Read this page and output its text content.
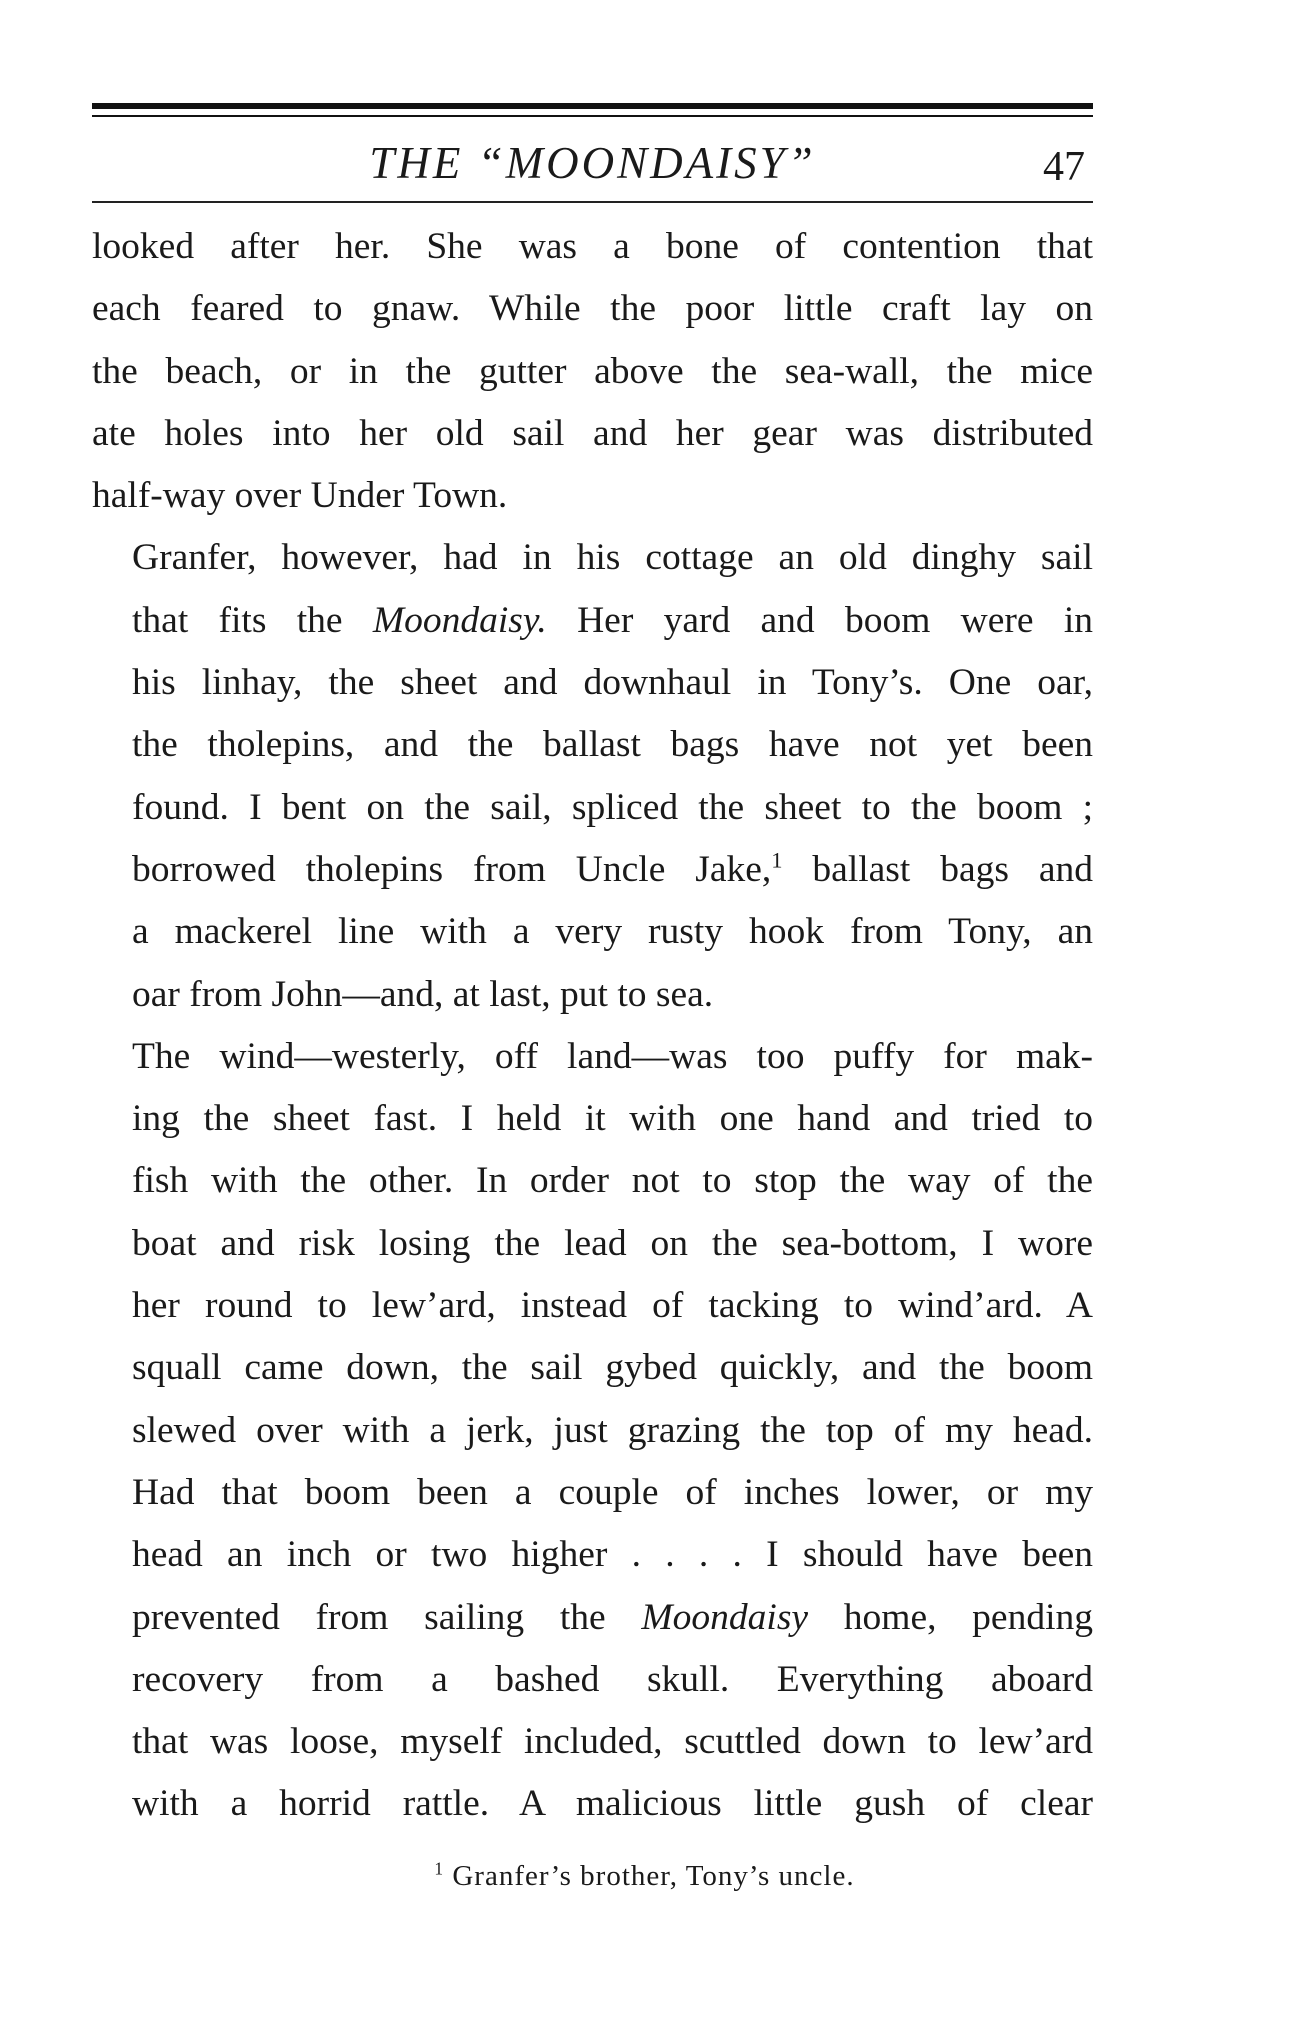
THE “MOONDAISY”	47

looked after her. She was a bone of contention that
each feared to gnaw. While the poor little craft lay on
the beach, or in the gutter above the sea-wall, the mice
ate holes into her old sail and her gear was distributed
half-way over Under Town.

Granfer, however, had in his cottage an old dinghy sail
that fits the Moondaisy. Her yard and boom were in
his linhay, the sheet and downhaul in Tony’s. One oar,
the tholepins, and the ballast bags have not yet been
found. I bent on the sail, spliced the sheet to the boom ;
borrowed tholepins from Uncle Jake,$^1$ ballast bags and
a mackerel line with a very rusty hook from Tony, an
oar from John—and, at last, put to sea.

The wind—westerly, off land—was too puffy for mak-
ing the sheet fast. I held it with one hand and tried to
fish with the other. In order not to stop the way of the
boat and risk losing the lead on the sea-bottom, I wore
her round to lew’ard, instead of tacking to wind’ard. A
squall came down, the sail gybed quickly, and the boom
slewed over with a jerk, just grazing the top of my head.
Had that boom been a couple of inches lower, or my
head an inch or two higher . . . . I should have been
prevented from sailing the Moondaisy home, pending
recovery from a bashed skull. Everything aboard
that was loose, myself included, scuttled down to lew’ard
with a horrid rattle. A malicious little gush of clear

$^1$ Granfer’s brother, Tony’s uncle.
